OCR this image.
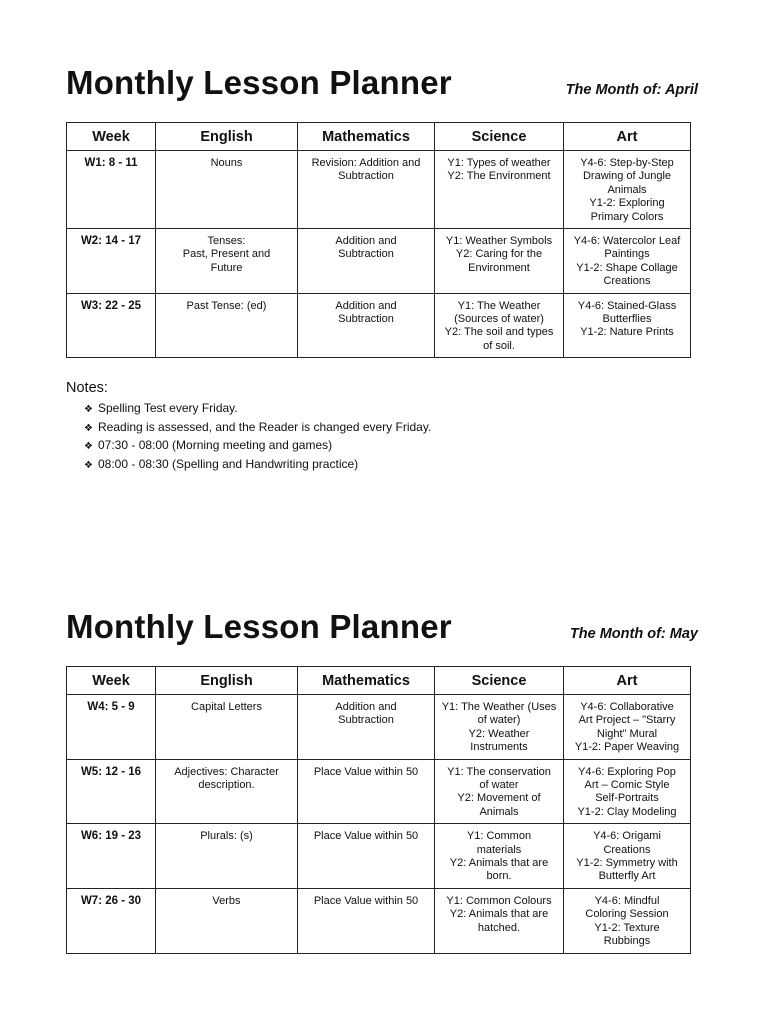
Monthly Lesson Planner	The Month of: April
Week	English	Mathematics	Science	Art
W1: 8 - 11	Nouns	Revision: Addition and
Subtraction	Y1: Types of weather
Y2: The Environment	Y4-6: Step-by-Step
Drawing of Jungle
Animals
Y1-2: Exploring
Primary Colors

W2: 14 - 17	Tenses:
Past, Present and
Future	Addition and
Subtraction	Y1: Weather Symbols
Y2: Caring for the
Environment	Y4-6: Watercolor Leaf
Paintings
Y1-2: Shape Collage
Creations

W3: 22 - 25	Past Tense: (ed)	Addition and
Subtraction	Y1: The Weather
(Sources of water)
Y2: The soil and types
of soil.	Y4-6: Stained-Glass
Butterflies
Y1-2: Nature Prints
Notes:
❖ Spelling Test every Friday.
❖ Reading is assessed, and the Reader is changed every Friday.
❖ 07:30 - 08:00 (Morning meeting and games)
❖ 08:00 - 08:30 (Spelling and Handwriting practice)
Monthly Lesson Planner	The Month of: May
Week	English	Mathematics	Science	Art
W4: 5 - 9	Capital Letters	Addition and
Subtraction	Y1: The Weather (Uses
of water)
Y2: Weather
Instruments	Y4-6: Collaborative
Art Project – "Starry
Night" Mural
Y1-2: Paper Weaving

W5: 12 - 16	Adjectives: Character
description.	Place Value within 50	Y1: The conservation
of water
Y2: Movement of
Animals	Y4-6: Exploring Pop
Art – Comic Style
Self-Portraits
Y1-2: Clay Modeling

W6: 19 - 23	Plurals: (s)	Place Value within 50	Y1: Common
materials
Y2: Animals that are
born.	Y4-6: Origami
Creations
Y1-2: Symmetry with
Butterfly Art

W7: 26 - 30	Verbs	Place Value within 50	Y1: Common Colours
Y2: Animals that are
hatched.	Y4-6: Mindful
Coloring Session
Y1-2: Texture
Rubbings
